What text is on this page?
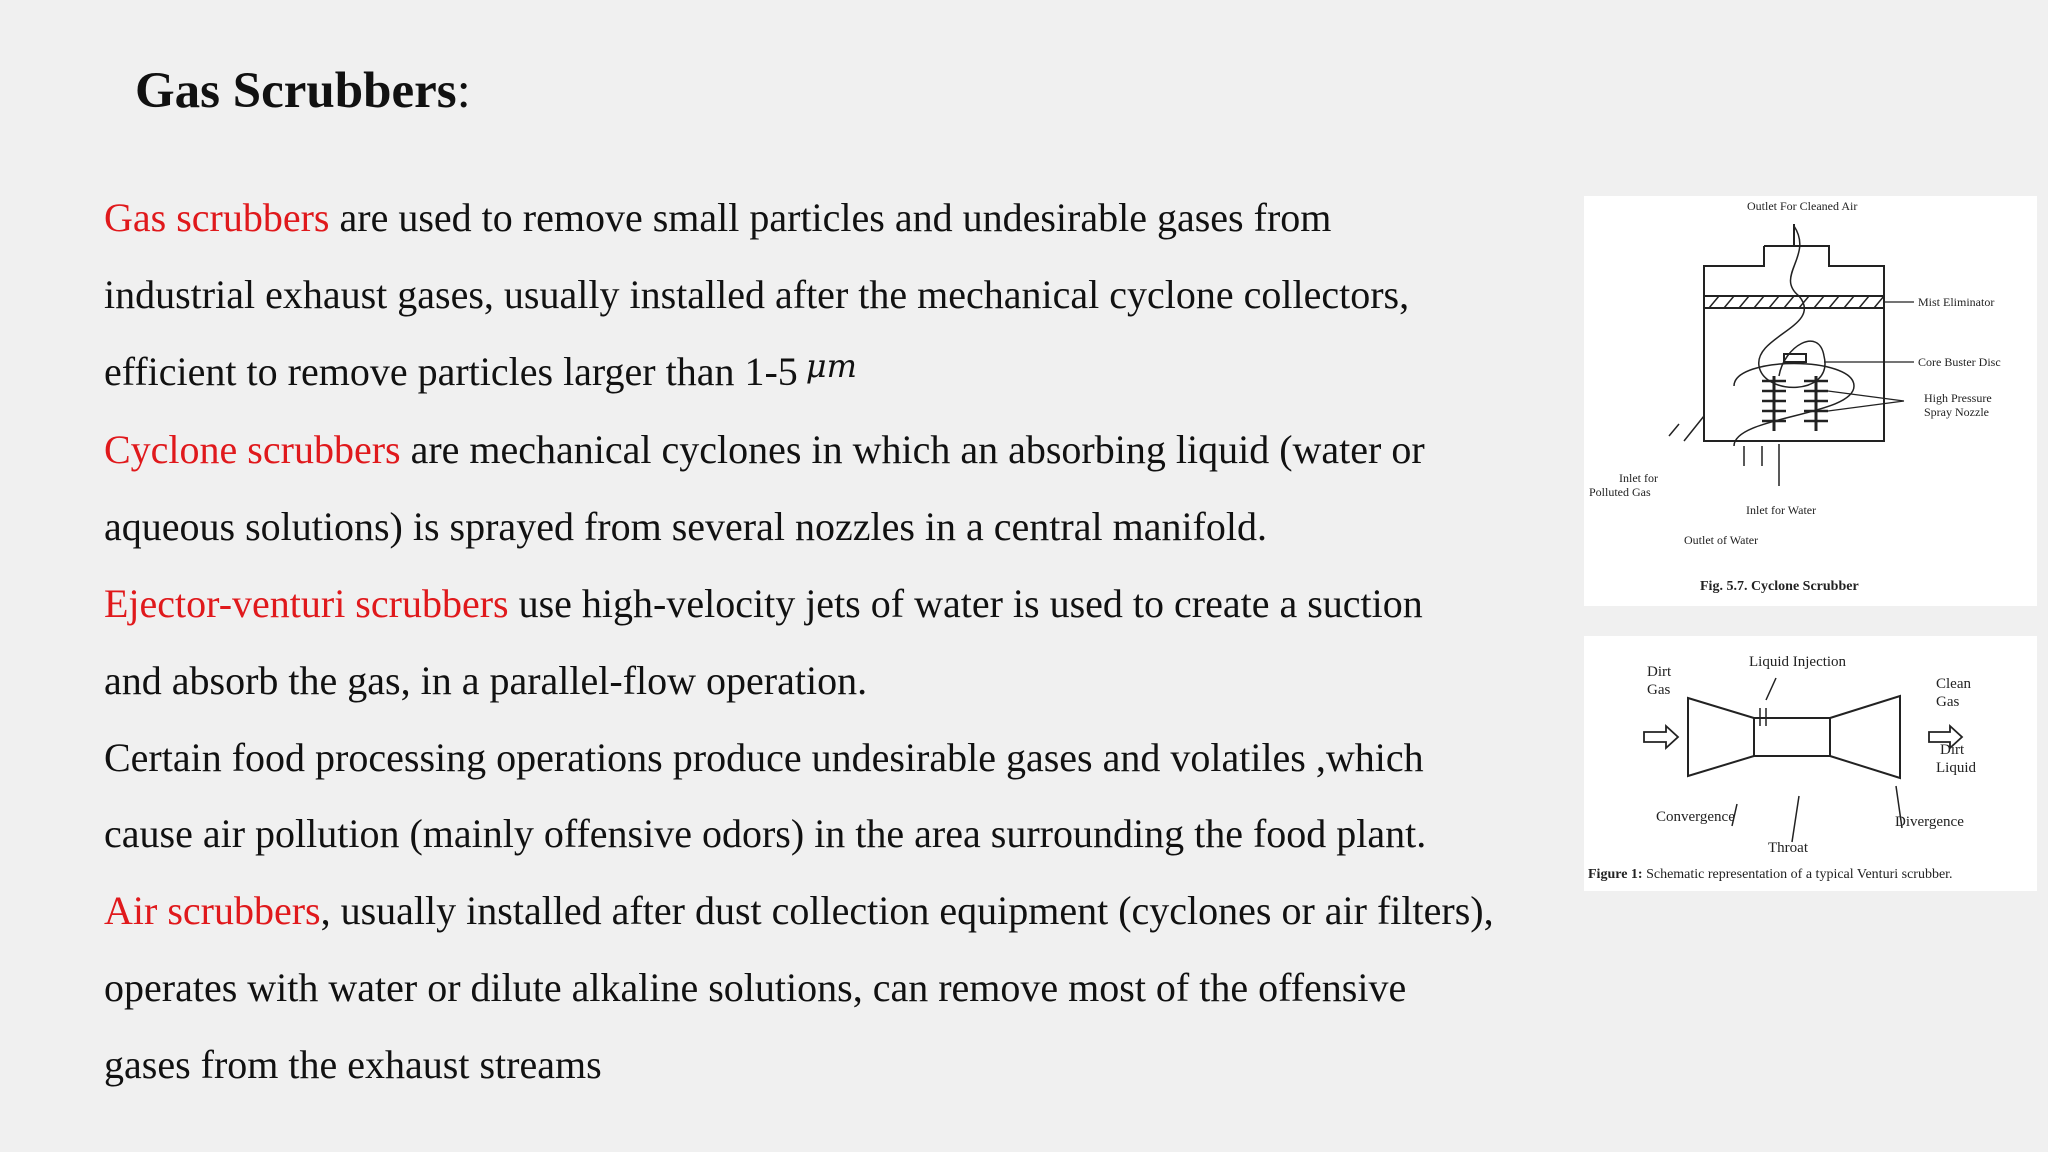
Gas Scrubbers:

Gas scrubbers are used to remove small particles and undesirable gases from

industrial exhaust gases, usually installed after the mechanical cyclone collectors,

efficient to remove particles larger than 1-5 $^{\mu m}$

Cyclone scrubbers are mechanical cyclones in which an absorbing liquid (water or

aqueous solutions) is sprayed from several nozzles in a central manifold.

Ejector-venturi scrubbers use high-velocity jets of water is used to create a suction

and absorb the gas, in a parallel-flow operation.

Certain food processing operations produce undesirable gases and volatiles ,which

cause air pollution (mainly offensive odors) in the area surrounding the food plant.

Air scrubbers, usually installed after dust collection equipment (cyclones or air filters),

operates with water or dilute alkaline solutions, can remove most of the offensive

gases from the exhaust streams

Outlet For Cleaned Air
Mist Eliminator
Core Buster Disc
High Pressure
Spray Nozzle
Inlet for
Polluted Gas
Inlet for Water
Outlet of Water
Fig. 5.7. Cyclone Scrubber
Liquid Injection
Dirt
Gas	Clean
Gas
Dirt
Liquid
Convergence	Divergence
Throat
Figure 1: Schematic representation of a typical Venturi scrubber.
